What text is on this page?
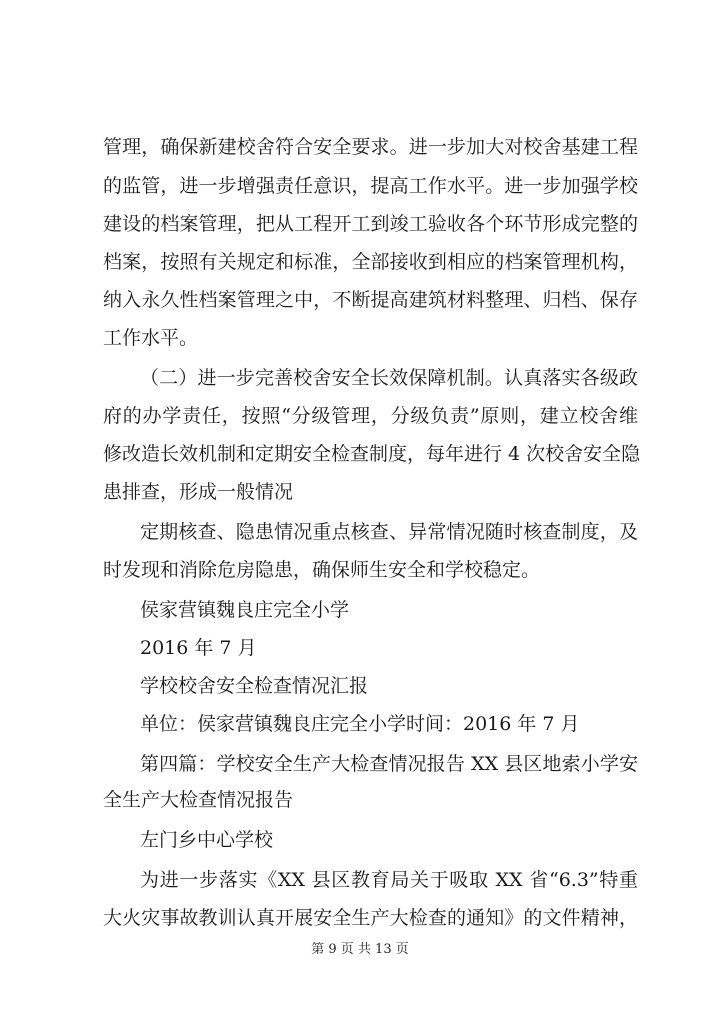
管理，确保新建校舍符合安全要求。进一步加大对校舍基建工程
的监管，进一步增强责任意识，提高工作水平。进一步加强学校
建设的档案管理，把从工程开工到竣工验收各个环节形成完整的
档案，按照有关规定和标准，全部接收到相应的档案管理机构，
纳入永久性档案管理之中，不断提高建筑材料整理、归档、保存
工作水平。
（二）进一步完善校舍安全长效保障机制。认真落实各级政
府的办学责任，按照“分级管理，分级负责”原则，建立校舍维
修改造长效机制和定期安全检查制度，每年进行 4 次校舍安全隐
患排查，形成一般情况
定期核查、隐患情况重点核查、异常情况随时核查制度，及
时发现和消除危房隐患，确保师生安全和学校稳定。
侯家营镇魏良庄完全小学
2016 年 7 月
学校校舍安全检查情况汇报
单位：侯家营镇魏良庄完全小学时间：2016 年 7 月
第四篇：学校安全生产大检查情况报告 XX 县区地索小学安
全生产大检查情况报告
左门乡中心学校
为进一步落实《XX 县区教育局关于吸取 XX 省“6.3”特重
大火灾事故教训认真开展安全生产大检查的通知》的文件精神，
第 9 页 共 13 页
